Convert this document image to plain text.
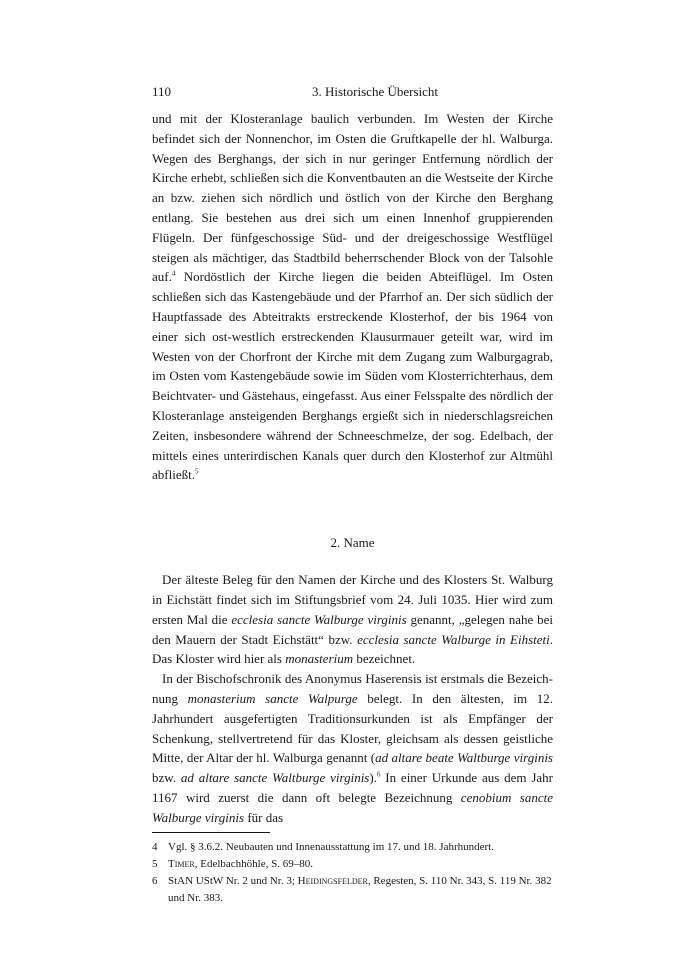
110	3. Historische Übersicht

und mit der Klosteranlage baulich verbunden. Im Westen der Kirche befindet sich der Nonnenchor, im Osten die Gruftkapelle der hl. Walburga. Wegen des Berghangs, der sich in nur geringer Entfernung nördlich der Kirche erhebt, schließen sich die Konventbauten an die Westseite der Kirche an bzw. ziehen sich nördlich und östlich von der Kirche den Berghang entlang. Sie bestehen aus drei sich um einen Innenhof gruppierenden Flügeln. Der fünfgeschossige Süd- und der dreigeschossige Westflügel steigen als mächtiger, das Stadtbild beherrschender Block von der Talsohle auf.$^4$ Nordöstlich der Kirche liegen die beiden Abteiflügel. Im Osten schließen sich das Kastengebäude und der Pfarrhof an. Der sich südlich der Hauptfassade des Abteitrakts erstreckende Klosterhof, der bis 1964 von einer sich ost-westlich erstreckenden Klausurmauer geteilt war, wird im Westen von der Chorfront der Kirche mit dem Zugang zum Walburgagrab, im Osten vom Kastengebäude sowie im Süden vom Klosterrichterhaus, dem Beichtvater- und Gästehaus, eingefasst. Aus einer Felsspalte des nördlich der Klosteranlage ansteigenden Berghangs ergießt sich in niederschlagsreichen Zeiten, insbesondere während der Schneeschmelze, der sog. Edelbach, der mittels eines unterirdischen Kanals quer durch den Klosterhof zur Altmühl abfließt.$^5$

2. Name

Der älteste Beleg für den Namen der Kirche und des Klosters St. Walburg in Eichstätt findet sich im Stiftungsbrief vom 24. Juli 1035. Hier wird zum ersten Mal die ecclesia sancte Walburge virginis genannt, „gelegen nahe bei den Mauern der Stadt Eichstätt“ bzw. ecclesia sancte Walburge in Eihsteti. Das Kloster wird hier als monasterium bezeichnet.

In der Bischofschronik des Anonymus Haserensis ist erstmals die Bezeichnung monasterium sancte Walpurge belegt. In den ältesten, im 12. Jahrhundert ausgefertigten Traditionsurkunden ist als Empfänger der Schenkung, stellvertretend für das Kloster, gleichsam als dessen geistliche Mitte, der Altar der hl. Walburga genannt (ad altare beate Waltburge virginis bzw. ad altare sancte Waltburge virginis).$^6$ In einer Urkunde aus dem Jahr 1167 wird zuerst die dann oft belegte Bezeichnung cenobium sancte Walburge virginis für das

4 Vgl. § 3.6.2. Neubauten und Innenausstattung im 17. und 18. Jahrhundert.
5 Timer, Edelbachhöhle, S. 69–80.
6 StAN UStW Nr. 2 und Nr. 3; Heidingsfelder, Regesten, S. 110 Nr. 343, S. 119 Nr. 382 und Nr. 383.
